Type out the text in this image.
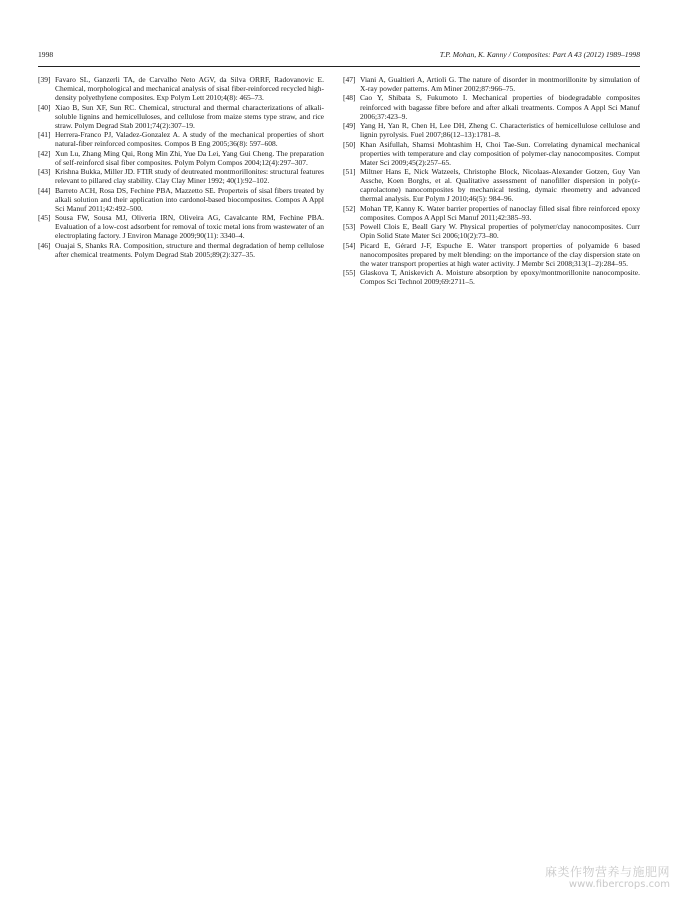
1998	T.P. Mohan, K. Kanny / Composites: Part A 43 (2012) 1989–1998
[39] Favaro SL, Ganzerli TA, de Carvalho Neto AGV, da Silva ORRF, Radovanovic E. Chemical, morphological and mechanical analysis of sisal fiber-reinforced recycled high-density polyethylene composites. Exp Polym Lett 2010;4(8): 465–73.
[40] Xiao B, Sun XF, Sun RC. Chemical, structural and thermal characterizations of alkali-soluble lignins and hemicelluloses, and cellulose from maize stems type straw, and rice straw. Polym Degrad Stab 2001;74(2):307–19.
[41] Herrera-Franco PJ, Valadez-Gonzalez A. A study of the mechanical properties of short natural-fiber reinforced composites. Compos B Eng 2005;36(8): 597–608.
[42] Xun Lu, Zhang Ming Qui, Rong Min Zhi, Yue Da Lei, Yang Gui Cheng. The preparation of self-reinforcd sisal fiber composites. Polym Polym Compos 2004;12(4):297–307.
[43] Krishna Bukka, Miller JD. FTIR study of deutreated montmorillonites: structural features relevant to pillared clay stability. Clay Clay Miner 1992; 40(1):92–102.
[44] Barreto ACH, Rosa DS, Fechine PBA, Mazzetto SE. Properteis of sisal fibers treated by alkali solution and their application into cardonol-based biocomposites. Compos A Appl Sci Manuf 2011;42:492–500.
[45] Sousa FW, Sousa MJ, Oliveria IRN, Oliveira AG, Cavalcante RM, Fechine PBA. Evaluation of a low-cost adsorbent for removal of toxic metal ions from wastewater of an electroplating factory. J Environ Manage 2009;90(11): 3340–4.
[46] Ouajai S, Shanks RA. Composition, structure and thermal degradation of hemp cellulose after chemical treatments. Polym Degrad Stab 2005;89(2):327–35.
[47] Viani A, Gualtieri A, Artioli G. The nature of disorder in montmorillonite by simulation of X-ray powder patterns. Am Miner 2002;87:966–75.
[48] Cao Y, Shibata S, Fukumoto I. Mechanical properties of biodegradable composites reinforced with bagasse fibre before and after alkali treatments. Compos A Appl Sci Manuf 2006;37:423–9.
[49] Yang H, Yan R, Chen H, Lee DH, Zheng C. Characteristics of hemicellulose cellulose and lignin pyrolysis. Fuel 2007;86(12–13):1781–8.
[50] Khan Asifullah, Shamsi Mohtashim H, Choi Tae-Sun. Correlating dynamical mechanical properties with temperature and clay composition of polymer-clay nanocomposites. Comput Mater Sci 2009;45(2):257–65.
[51] Miltner Hans E, Nick Watzeels, Christophe Block, Nicolaas-Alexander Gotzen, Guy Van Assche, Koen Borghs, et al. Qualitative assessment of nanofiller dispersion in poly(ɛ-caprolactone) nanocomposites by mechanical testing, dymaic rheometry and advanced thermal analysis. Eur Polym J 2010;46(5): 984–96.
[52] Mohan TP, Kanny K. Water barrier properties of nanoclay filled sisal fibre reinforced epoxy composites. Compos A Appl Sci Manuf 2011;42:385–93.
[53] Powell Clois E, Beall Gary W. Physical properties of polymer/clay nanocomposites. Curr Opin Solid State Mater Sci 2006;10(2):73–80.
[54] Picard E, Gérard J-F, Espuche E. Water transport properties of polyamide 6 based nanocomposites prepared by melt blending: on the importance of the clay dispersion state on the water transport properties at high water activity. J Membr Sci 2008;313(1–2):284–95.
[55] Glaskova T, Aniskevich A. Moisture absorption by epoxy/montmorillonite nanocomposite. Compos Sci Technol 2009;69:2711–5.
麻类作物营养与施肥网
www.fibercrops.com
